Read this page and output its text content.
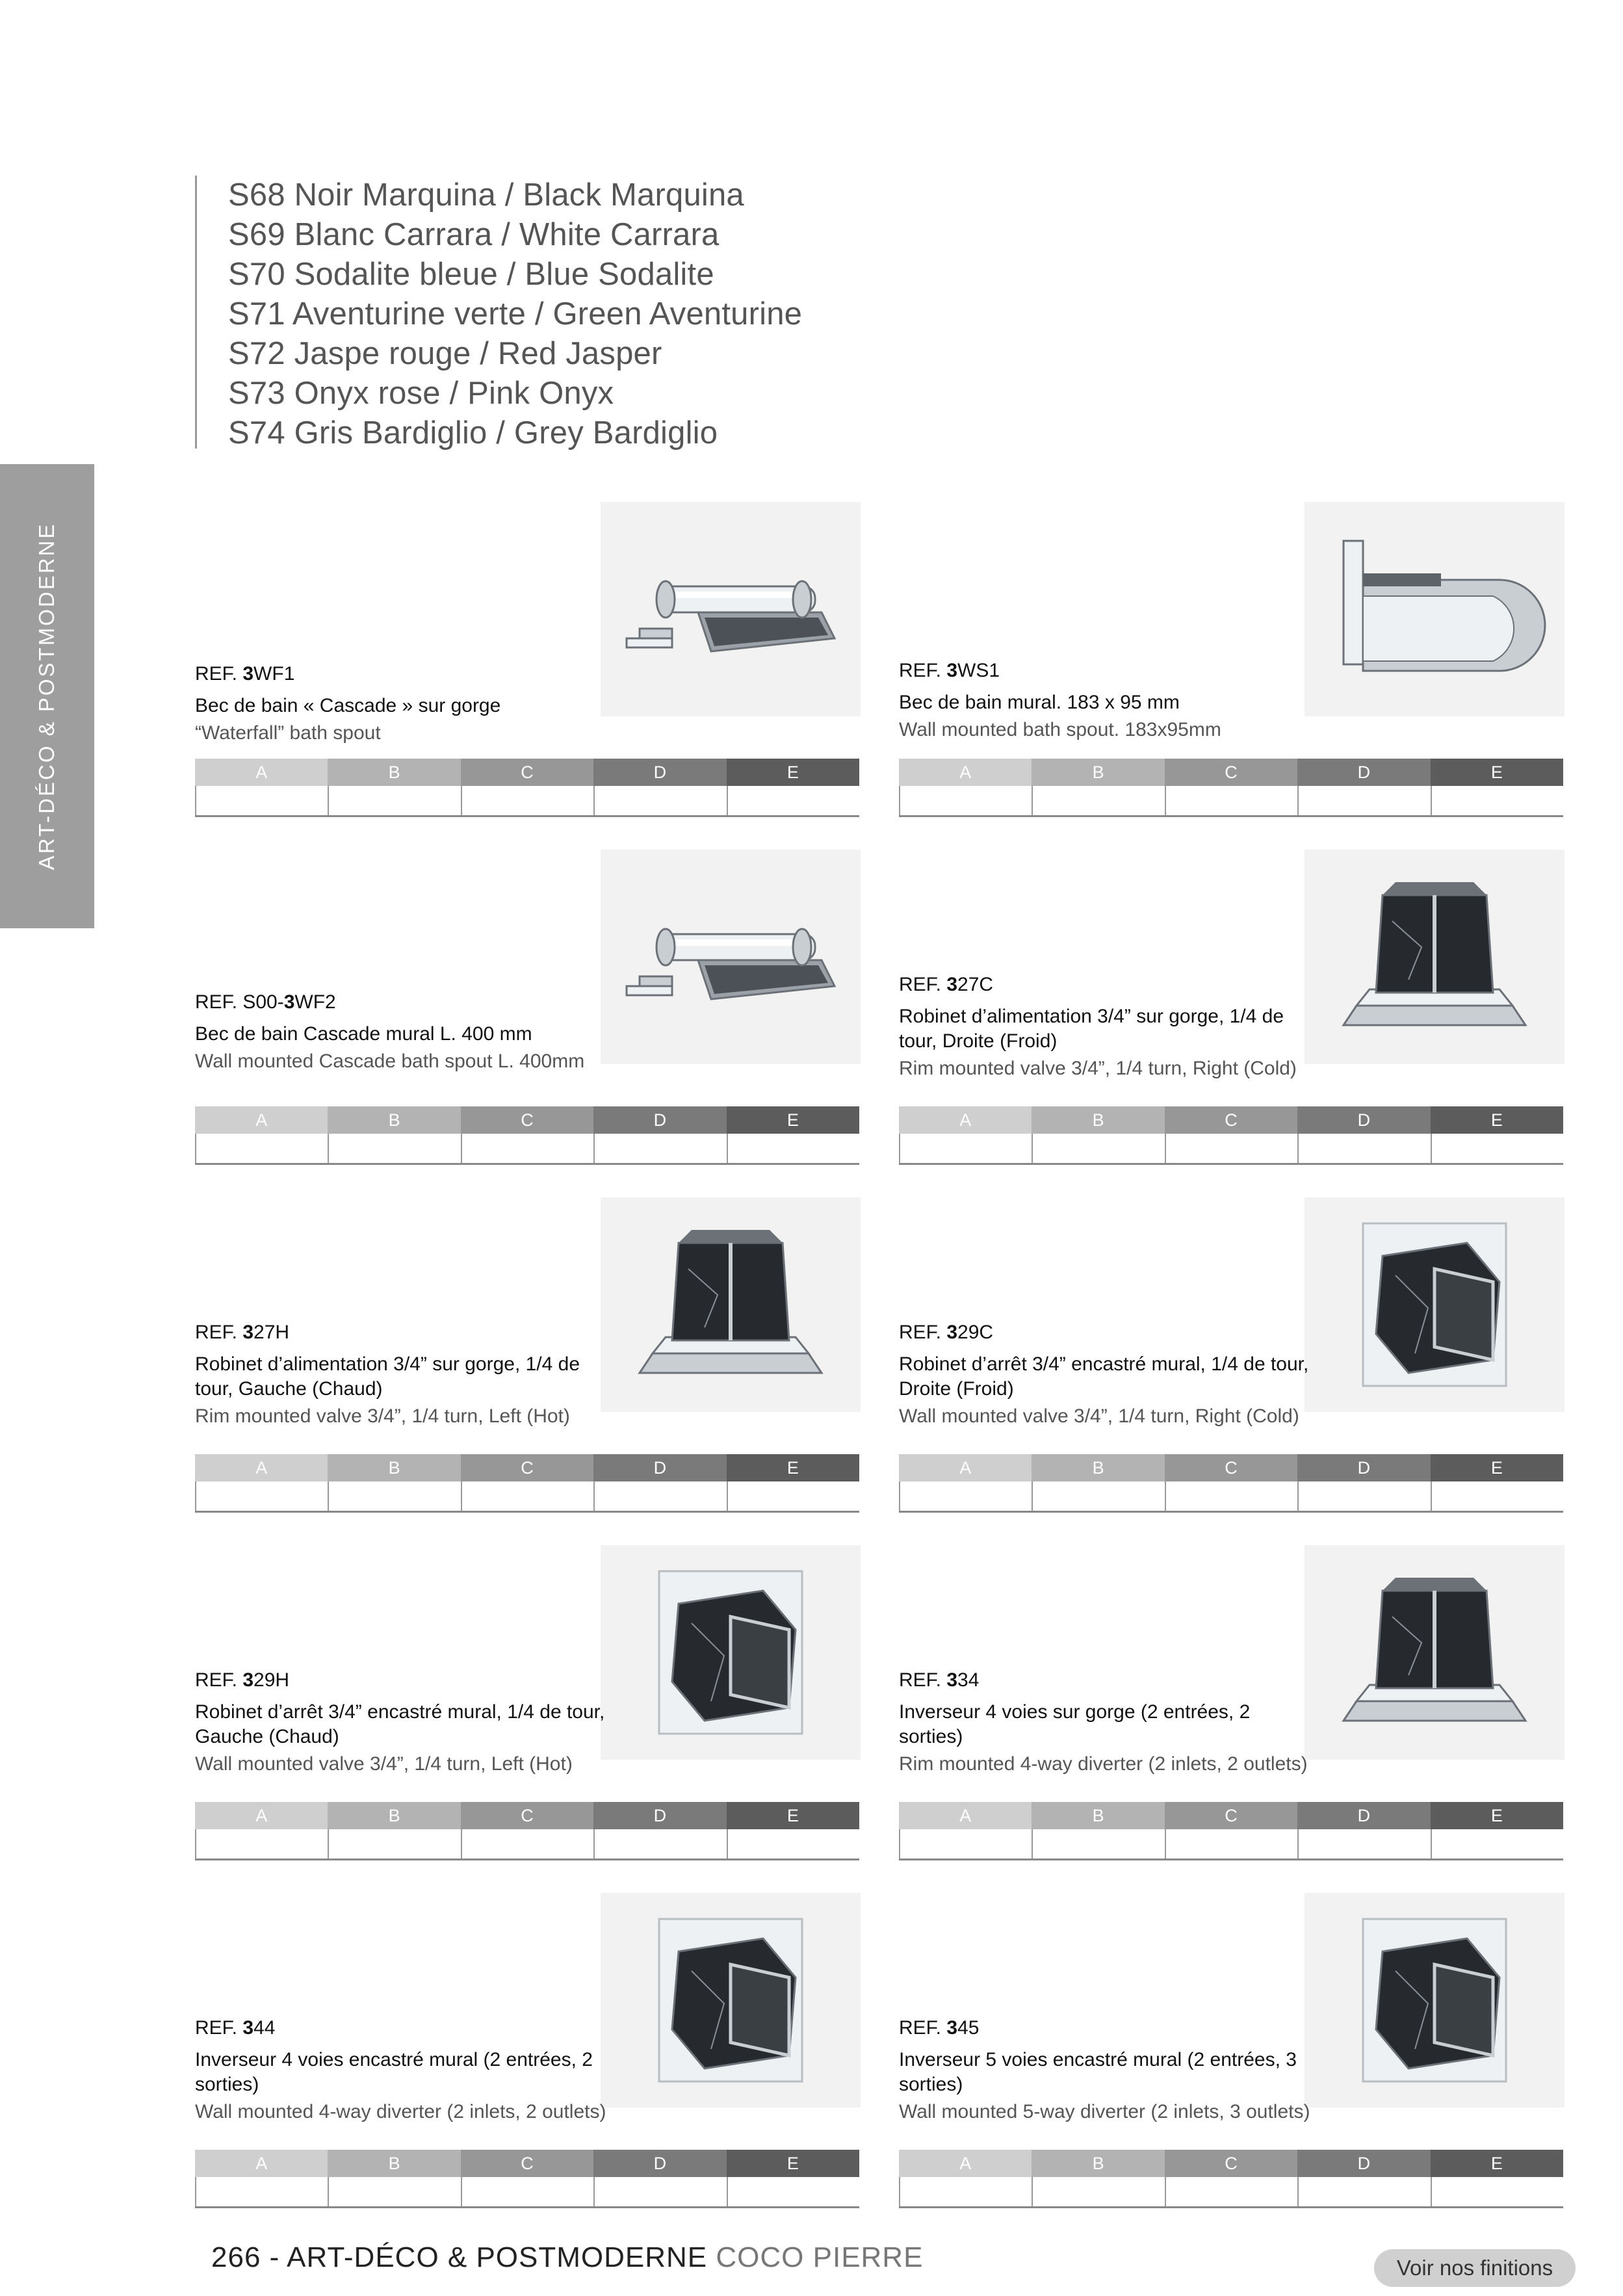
S68 Noir Marquina / Black Marquina
S69 Blanc Carrara / White Carrara
S70 Sodalite bleue / Blue Sodalite
S71 Aventurine verte / Green Aventurine
S72 Jaspe rouge / Red Jasper
S73 Onyx rose / Pink Onyx
S74 Gris Bardiglio / Grey Bardiglio
ART-DÉCO & POSTMODERNE	REF. 3WF1
Bec de bain « Cascade » sur gorge
“Waterfall” bath spout
A	B	C	D	E
REF. 3WS1
Bec de bain mural. 183 x 95 mm
Wall mounted bath spout. 183x95mm
A	B	C	D	E
REF. S00-3WF2
Bec de bain Cascade mural L. 400 mm
Wall mounted Cascade bath spout L. 400mm
A	B	C	D	E
REF. 327C
Robinet d’alimentation 3/4” sur gorge, 1/4 de tour, Droite (Froid)
Rim mounted valve 3/4”, 1/4 turn, Right (Cold)
A	B	C	D	E
REF. 327H
Robinet d’alimentation 3/4” sur gorge, 1/4 de tour, Gauche (Chaud)
Rim mounted valve 3/4”, 1/4 turn, Left (Hot)
A	B	C	D	E
REF. 329C
Robinet d’arrêt 3/4” encastré mural, 1/4 de tour, Droite (Froid)
Wall mounted valve 3/4”, 1/4 turn, Right (Cold)
A	B	C	D	E
REF. 329H
Robinet d’arrêt 3/4” encastré mural, 1/4 de tour, Gauche (Chaud)
Wall mounted valve 3/4”, 1/4 turn, Left (Hot)
A	B	C	D	E
REF. 334
Inverseur 4 voies sur gorge (2 entrées, 2 sorties)
Rim mounted 4-way diverter (2 inlets, 2 outlets)
A	B	C	D	E
REF. 344
Inverseur 4 voies encastré mural (2 entrées, 2 sorties)
Wall mounted 4-way diverter (2 inlets, 2 outlets)
A	B	C	D	E
REF. 345
Inverseur 5 voies encastré mural (2 entrées, 3 sorties)
Wall mounted 5-way diverter (2 inlets, 3 outlets)
A	B	C	D	E
266 - ART-DÉCO & POSTMODERNE COCO PIERRE	Voir nos finitions
